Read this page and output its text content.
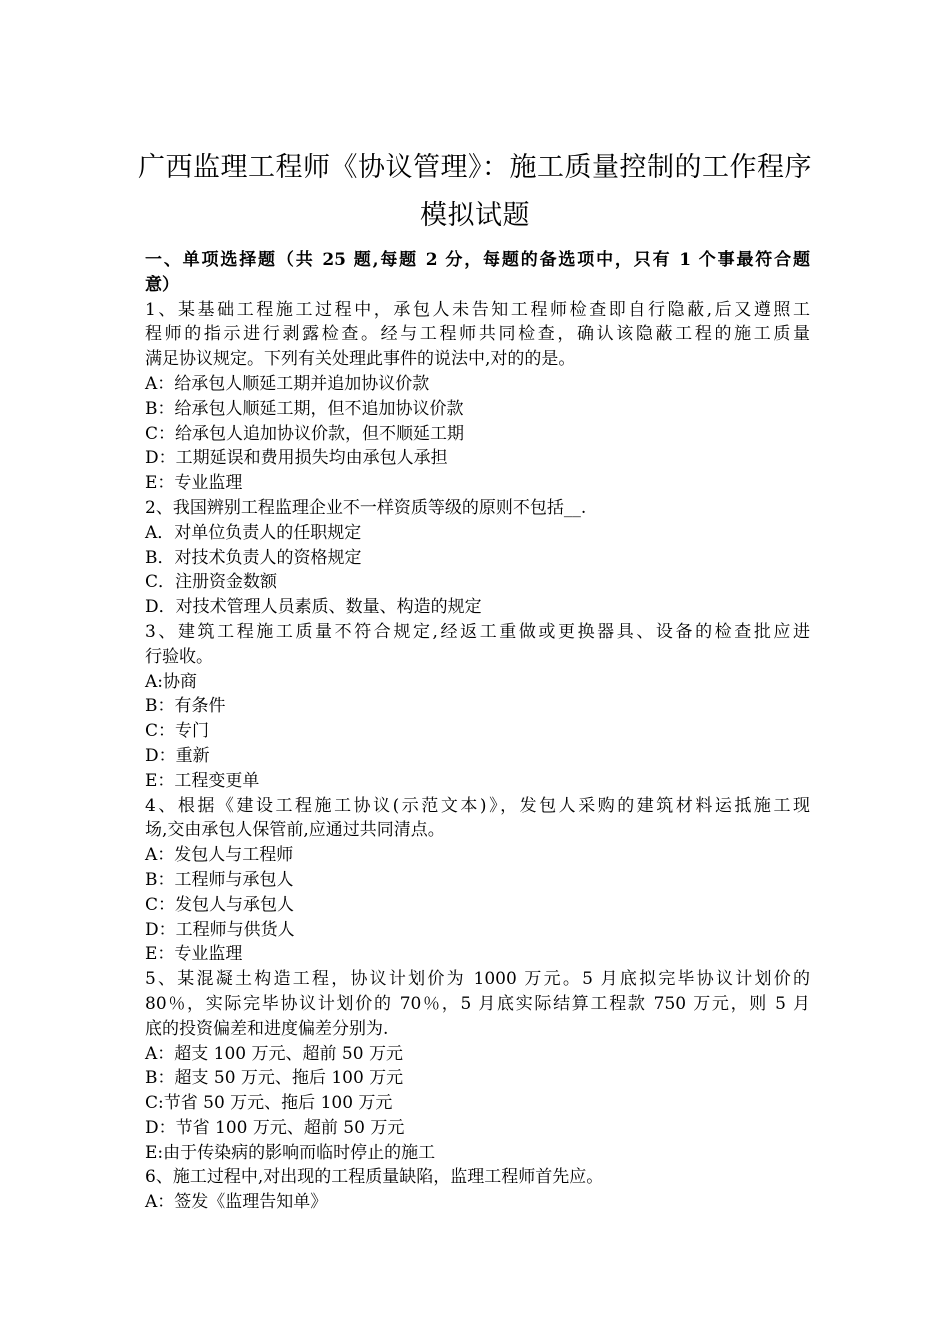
广西监理工程师《协议管理》：施工质量控制的工作程序
模拟试题
一、单项选择题（共 25 题,每题 2 分，每题的备选项中，只有 1 个事最符合题
意）
1、某基础工程施工过程中，承包人未告知工程师检查即自行隐蔽,后又遵照工
程师的指示进行剥露检查。经与工程师共同检查，确认该隐蔽工程的施工质量
满足协议规定。下列有关处理此事件的说法中,对的的是。
A：给承包人顺延工期并追加协议价款
B：给承包人顺延工期，但不追加协议价款
C：给承包人追加协议价款，但不顺延工期
D：工期延误和费用损失均由承包人承担
E：专业监理
2、我国辨别工程监理企业不一样资质等级的原则不包括__.
A．对单位负责人的任职规定
B．对技术负责人的资格规定
C．注册资金数额
D．对技术管理人员素质、数量、构造的规定
3、建筑工程施工质量不符合规定,经返工重做或更换器具、设备的检查批应进
行验收。
A:协商
B：有条件
C：专门
D：重新
E：工程变更单
4、根据《建设工程施工协议(示范文本)》，发包人采购的建筑材料运抵施工现
场,交由承包人保管前,应通过共同清点。
A：发包人与工程师
B：工程师与承包人
C：发包人与承包人
D：工程师与供货人
E：专业监理
5、某混凝土构造工程，协议计划价为 1000 万元。5 月底拟完毕协议计划价的
80％，实际完毕协议计划价的 70％，5 月底实际结算工程款 750 万元，则 5 月
底的投资偏差和进度偏差分别为.
A：超支 100 万元、超前 50 万元
B：超支 50 万元、拖后 100 万元
C:节省 50 万元、拖后 100 万元
D：节省 100 万元、超前 50 万元
E:由于传染病的影响而临时停止的施工
6、施工过程中,对出现的工程质量缺陷，监理工程师首先应。
A：签发《监理告知单》
